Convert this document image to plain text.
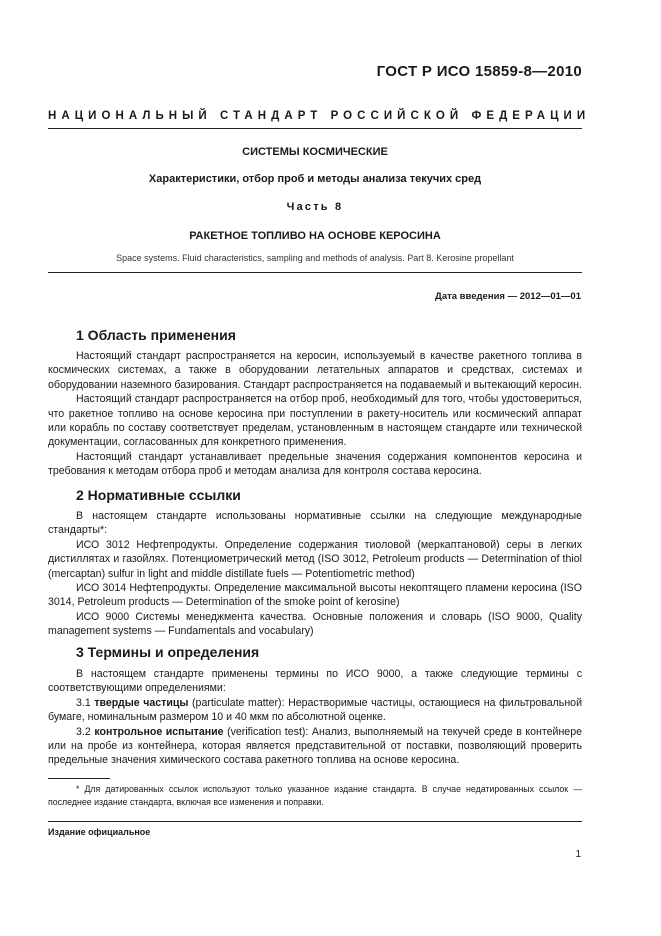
ГОСТ Р ИСО 15859-8—2010
НАЦИОНАЛЬНЫЙ СТАНДАРТ РОССИЙСКОЙ ФЕДЕРАЦИИ
СИСТЕМЫ КОСМИЧЕСКИЕ
Характеристики, отбор проб и методы анализа текучих сред
Часть 8
РАКЕТНОЕ ТОПЛИВО НА ОСНОВЕ КЕРОСИНА
Space systems. Fluid characteristics, sampling and methods of analysis. Part 8. Kerosine propellant
Дата введения — 2012—01—01
1 Область применения

Настоящий стандарт распространяется на керосин, используемый в качестве ракетного топлива в космических системах, а также в оборудовании летательных аппаратов и средствах, системах и оборудовании наземного базирования. Стандарт распространяется на подаваемый и вытекающий керосин.

Настоящий стандарт распространяется на отбор проб, необходимый для того, чтобы удостовериться, что ракетное топливо на основе керосина при поступлении в ракету-носитель или космический аппарат или корабль по составу соответствует пределам, установленным в настоящем стандарте или технической документации, согласованных для конкретного применения.

Настоящий стандарт устанавливает предельные значения содержания компонентов керосина и требования к методам отбора проб и методам анализа для контроля состава керосина.

2 Нормативные ссылки

В настоящем стандарте использованы нормативные ссылки на следующие международные стандарты*:

ИСО 3012 Нефтепродукты. Определение содержания тиоловой (меркаптановой) серы в легких дистиллятах и газойлях. Потенциометрический метод (ISO 3012, Petroleum products — Determination of thiol (mercaptan) sulfur in light and middle distillate fuels — Potentiometric method)

ИСО 3014 Нефтепродукты. Определение максимальной высоты некоптящего пламени керосина (ISO 3014, Petroleum products — Determination of the smoke point of kerosine)

ИСО 9000 Системы менеджмента качества. Основные положения и словарь (ISO 9000, Quality management systems — Fundamentals and vocabulary)

3 Термины и определения

В настоящем стандарте применены термины по ИСО 9000, а также следующие термины с соответствующими определениями:

3.1 твердые частицы (particulate matter): Нерастворимые частицы, остающиеся на фильтровальной бумаге, номинальным размером 10 и 40 мкм по абсолютной оценке.

3.2 контрольное испытание (verification test): Анализ, выполняемый на текучей среде в контейнере или на пробе из контейнера, которая является представительной от поставки, позволяющий проверить предельные значения химического состава ракетного топлива на основе керосина.

* Для датированных ссылок используют только указанное издание стандарта. В случае недатированных ссылок — последнее издание стандарта, включая все изменения и поправки.

Издание официальное
1
